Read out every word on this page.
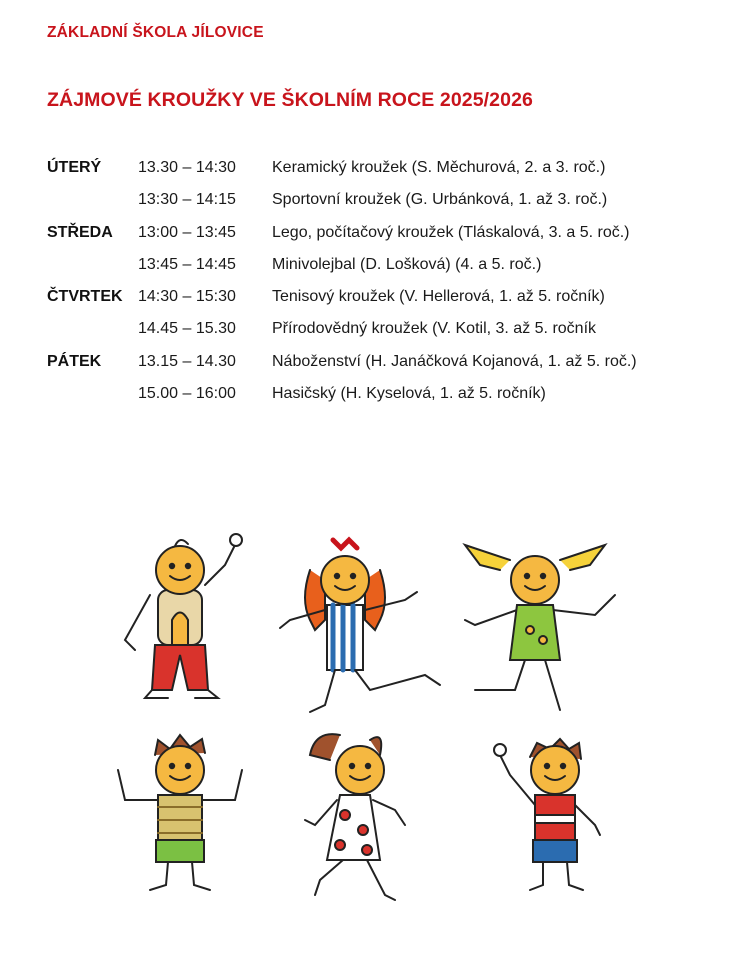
ZÁKLADNÍ ŠKOLA JÍLOVICE
ZÁJMOVÉ KROUŽKY VE ŠKOLNÍM ROCE 2025/2026
ÚTERÝ 13.30 – 14:30 Keramický kroužek (S. Měchurová, 2. a 3. roč.)
13:30 – 14:15 Sportovní kroužek (G. Urbánková, 1. až 3. roč.)
STŘEDA 13:00 – 13:45 Lego, počítačový kroužek (Tláskalová, 3. a 5. roč.)
13:45 – 14:45 Minivolejbal (D. Lošková) (4. a 5. roč.)
ČTVRTEK 14:30 – 15:30 Tenisový kroužek (V. Hellerová, 1. až 5. ročník)
14.45 – 15.30 Přírodovědný kroužek (V. Kotil, 3. až 5. ročník
PÁTEK 13.15 – 14.30 Náboženství (H. Janáčková Kojanová, 1. až 5. roč.)
15.00 – 16:00 Hasičský (H. Kyselová, 1. až 5. ročník)
